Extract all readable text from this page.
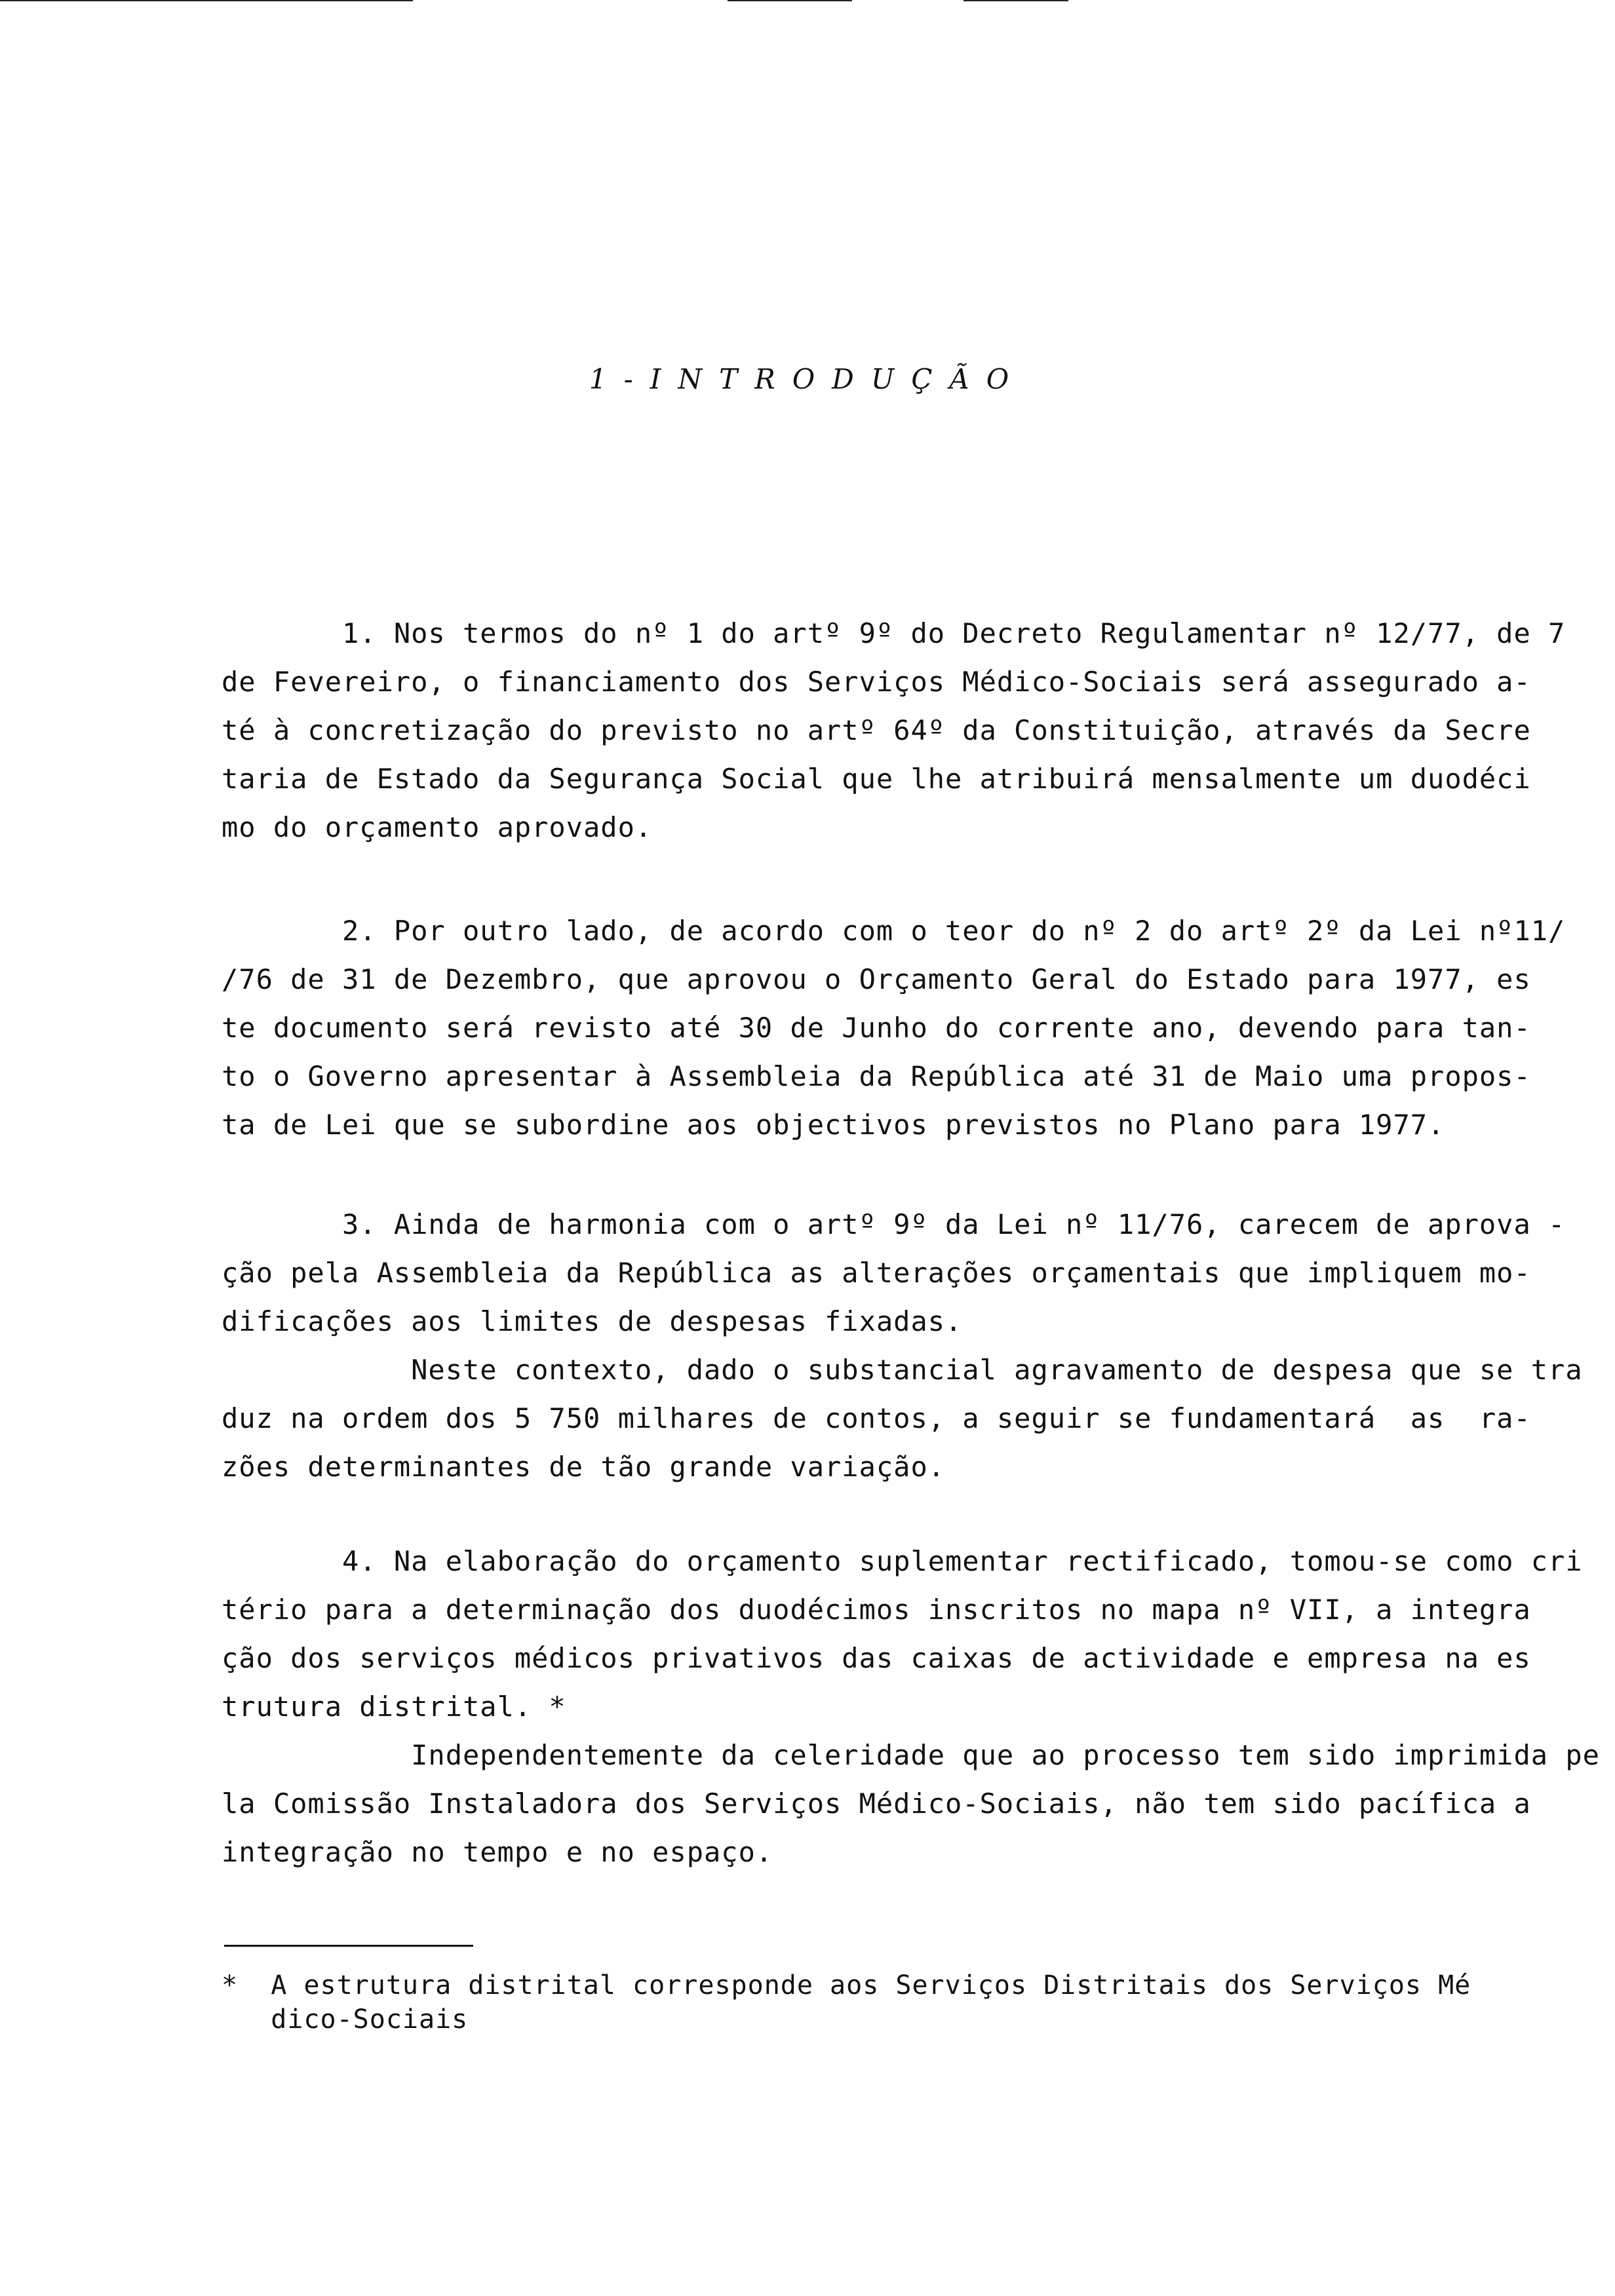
1-INTRODUÇÃO
1. Nos termos do nº 1 do artº 9º do Decreto Regulamentar nº 12/77, de 7
de Fevereiro, o financiamento dos Serviços Médico-Sociais será assegurado a-
té à concretização do previsto no artº 64º da Constituição, através da Secre
taria de Estado da Segurança Social que lhe atribuirá mensalmente um duodéci
mo do orçamento aprovado.
2. Por outro lado, de acordo com o teor do nº 2 do artº 2º da Lei nº11/
/76 de 31 de Dezembro, que aprovou o Orçamento Geral do Estado para 1977, es
te documento será revisto até 30 de Junho do corrente ano, devendo para tan-
to o Governo apresentar à Assembleia da República até 31 de Maio uma propos-
ta de Lei que se subordine aos objectivos previstos no Plano para 1977.
3. Ainda de harmonia com o artº 9º da Lei nº 11/76, carecem de aprova -
ção pela Assembleia da República as alterações orçamentais que impliquem mo-
dificações aos limites de despesas fixadas.
Neste contexto, dado o substancial agravamento de despesa que se tra
duz na ordem dos 5 750 milhares de contos, a seguir se fundamentará  as  ra-
zões determinantes de tão grande variação.
4. Na elaboração do orçamento suplementar rectificado, tomou-se como cri
tério para a determinação dos duodécimos inscritos no mapa nº VII, a integra
ção dos serviços médicos privativos das caixas de actividade e empresa na es
trutura distrital. *
Independentemente da celeridade que ao processo tem sido imprimida pe
la Comissão Instaladora dos Serviços Médico-Sociais, não tem sido pacífica a
integração no tempo e no espaço.
*  A estrutura distrital corresponde aos Serviços Distritais dos Serviços Mé
dico-Sociais
